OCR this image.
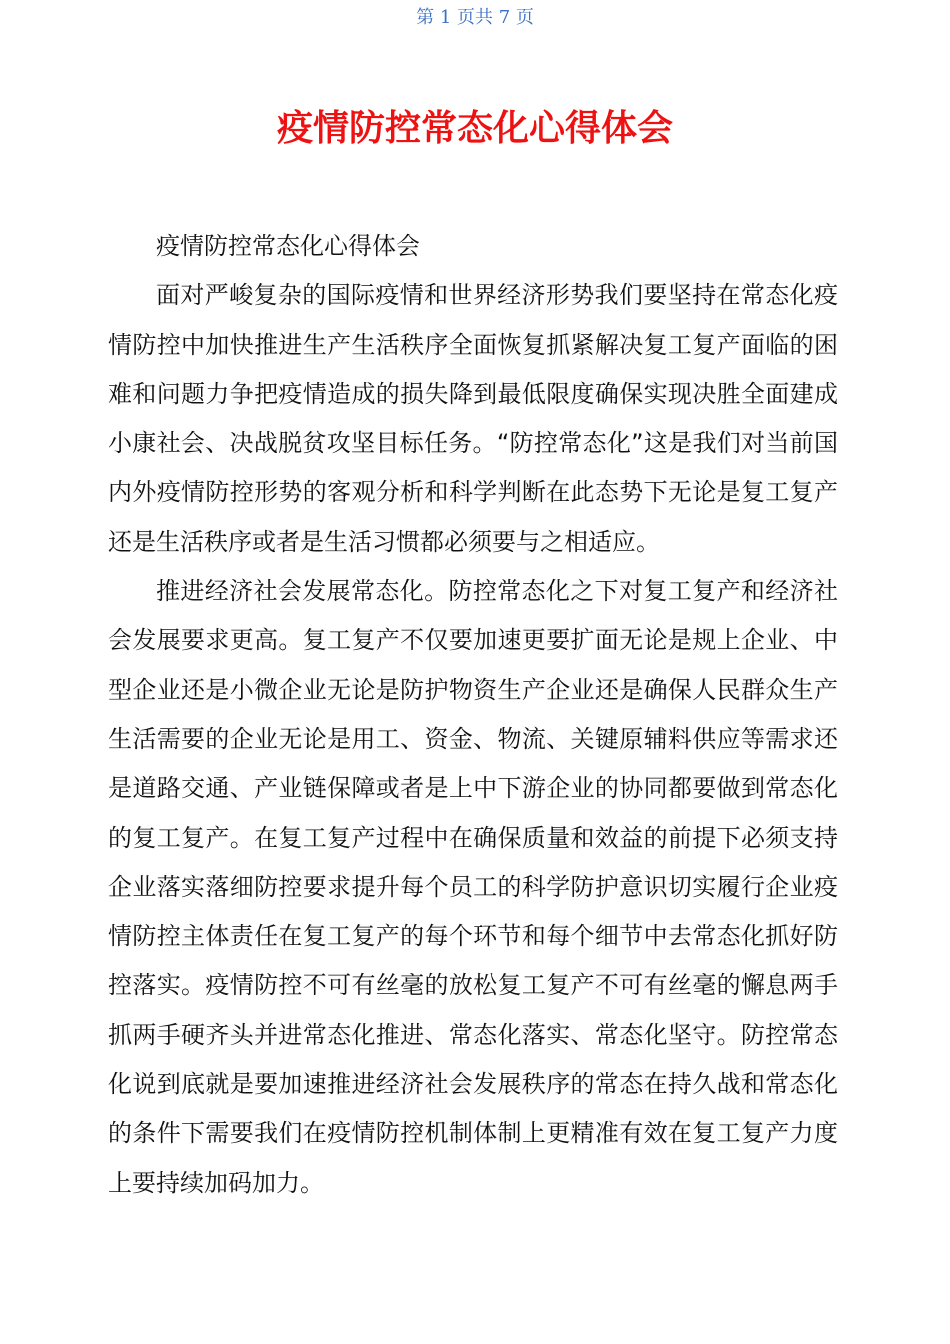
第 1 页共 7 页
疫情防控常态化心得体会

疫情防控常态化心得体会

面对严峻复杂的国际疫情和世界经济形势我们要坚持在常态化疫情防控中加快推进生产生活秩序全面恢复抓紧解决复工复产面临的困难和问题力争把疫情造成的损失降到最低限度确保实现决胜全面建成小康社会、决战脱贫攻坚目标任务。“防控常态化”这是我们对当前国内外疫情防控形势的客观分析和科学判断在此态势下无论是复工复产还是生活秩序或者是生活习惯都必须要与之相适应。

推进经济社会发展常态化。防控常态化之下对复工复产和经济社会发展要求更高。复工复产不仅要加速更要扩面无论是规上企业、中型企业还是小微企业无论是防护物资生产企业还是确保人民群众生产生活需要的企业无论是用工、资金、物流、关键原辅料供应等需求还是道路交通、产业链保障或者是上中下游企业的协同都要做到常态化的复工复产。在复工复产过程中在确保质量和效益的前提下必须支持企业落实落细防控要求提升每个员工的科学防护意识切实履行企业疫情防控主体责任在复工复产的每个环节和每个细节中去常态化抓好防控落实。疫情防控不可有丝毫的放松复工复产不可有丝毫的懈息两手抓两手硬齐头并进常态化推进、常态化落实、常态化坚守。防控常态化说到底就是要加速推进经济社会发展秩序的常态在持久战和常态化的条件下需要我们在疫情防控机制体制上更精准有效在复工复产力度上要持续加码加力。
